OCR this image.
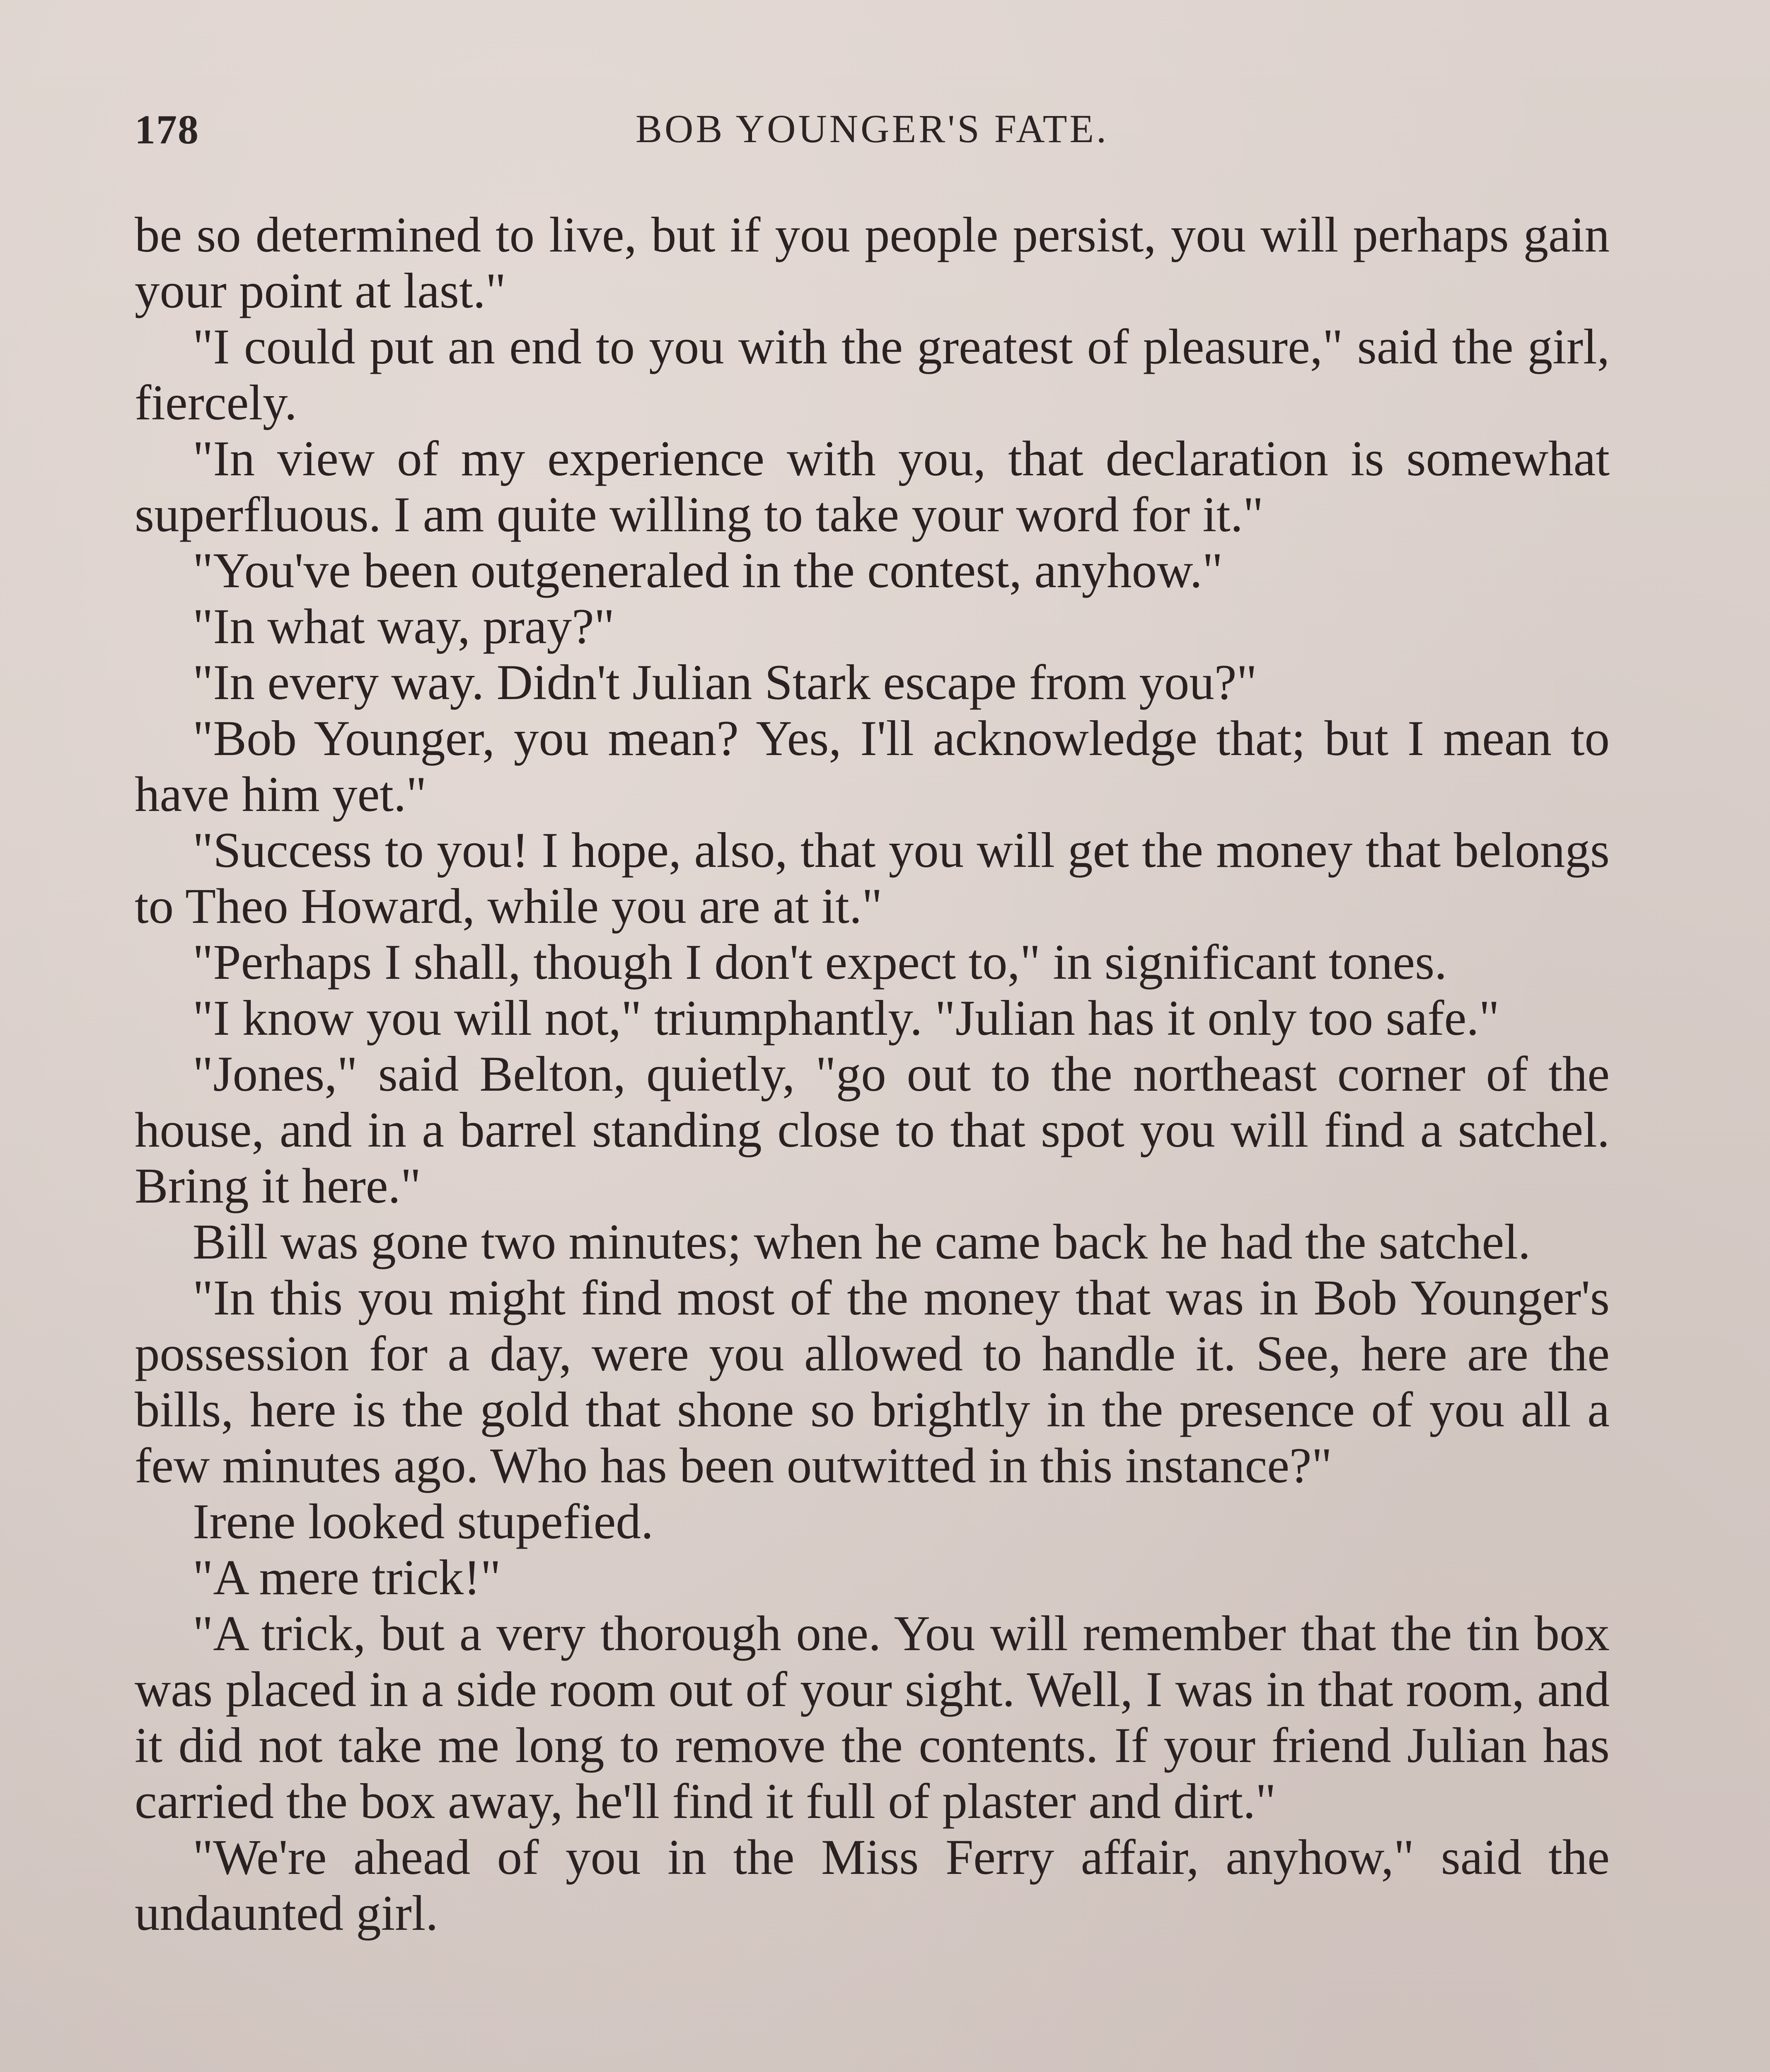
178	BOB YOUNGER'S FATE.

be so determined to live, but if you people persist, you will perhaps gain your point at last."

"I could put an end to you with the greatest of pleasure," said the girl, fiercely.

"In view of my experience with you, that declaration is somewhat superfluous. I am quite willing to take your word for it."

"You've been outgeneraled in the contest, anyhow."

"In what way, pray?"

"In every way. Didn't Julian Stark escape from you?"

"Bob Younger, you mean? Yes, I'll acknowledge that; but I mean to have him yet."

"Success to you! I hope, also, that you will get the money that belongs to Theo Howard, while you are at it."

"Perhaps I shall, though I don't expect to," in significant tones.

"I know you will not," triumphantly. "Julian has it only too safe."

"Jones," said Belton, quietly, "go out to the northeast corner of the house, and in a barrel standing close to that spot you will find a satchel. Bring it here."

Bill was gone two minutes; when he came back he had the satchel.

"In this you might find most of the money that was in Bob Younger's possession for a day, were you allowed to handle it. See, here are the bills, here is the gold that shone so brightly in the presence of you all a few minutes ago. Who has been outwitted in this instance?"

Irene looked stupefied.

"A mere trick!"

"A trick, but a very thorough one. You will remember that the tin box was placed in a side room out of your sight. Well, I was in that room, and it did not take me long to remove the contents. If your friend Julian has carried the box away, he'll find it full of plaster and dirt."

"We're ahead of you in the Miss Ferry affair, anyhow," said the undaunted girl.
